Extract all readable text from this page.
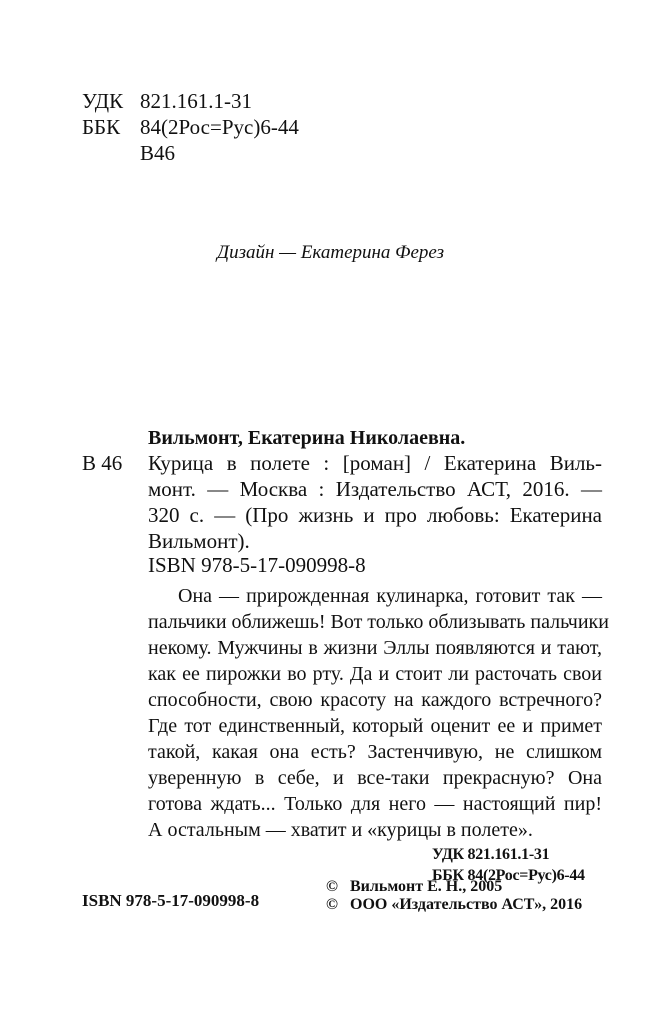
УДК 821.161.1-31
ББК 84(2Рос=Рус)6-44
В46
Дизайн — Екатерина Ферез
Вильмонт, Екатерина Николаевна.
В 46 Курица в полете : [роман] / Екатерина Виль-
монт. — Москва : Издательство АСТ, 2016. —
320 с. — (Про жизнь и про любовь: Екатерина
Вильмонт).
ISBN 978-5-17-090998-8
Она — прирожденная кулинарка, готовит так —
пальчики оближешь! Вот только облизывать пальчики
некому. Мужчины в жизни Эллы появляются и тают,
как ее пирожки во рту. Да и стоит ли расточать свои
способности, свою красоту на каждого встречного?
Где тот единственный, который оценит ее и примет
такой, какая она есть? Застенчивую, не слишком
уверенную в себе, и все-таки прекрасную? Она
готова ждать... Только для него — настоящий пир!
А остальным — хватит и «курицы в полете».
УДК 821.161.1-31
ББК 84(2Рос=Рус)6-44
ISBN 978-5-17-090998-8
© Вильмонт Е. Н., 2005
© ООО «Издательство АСТ», 2016
